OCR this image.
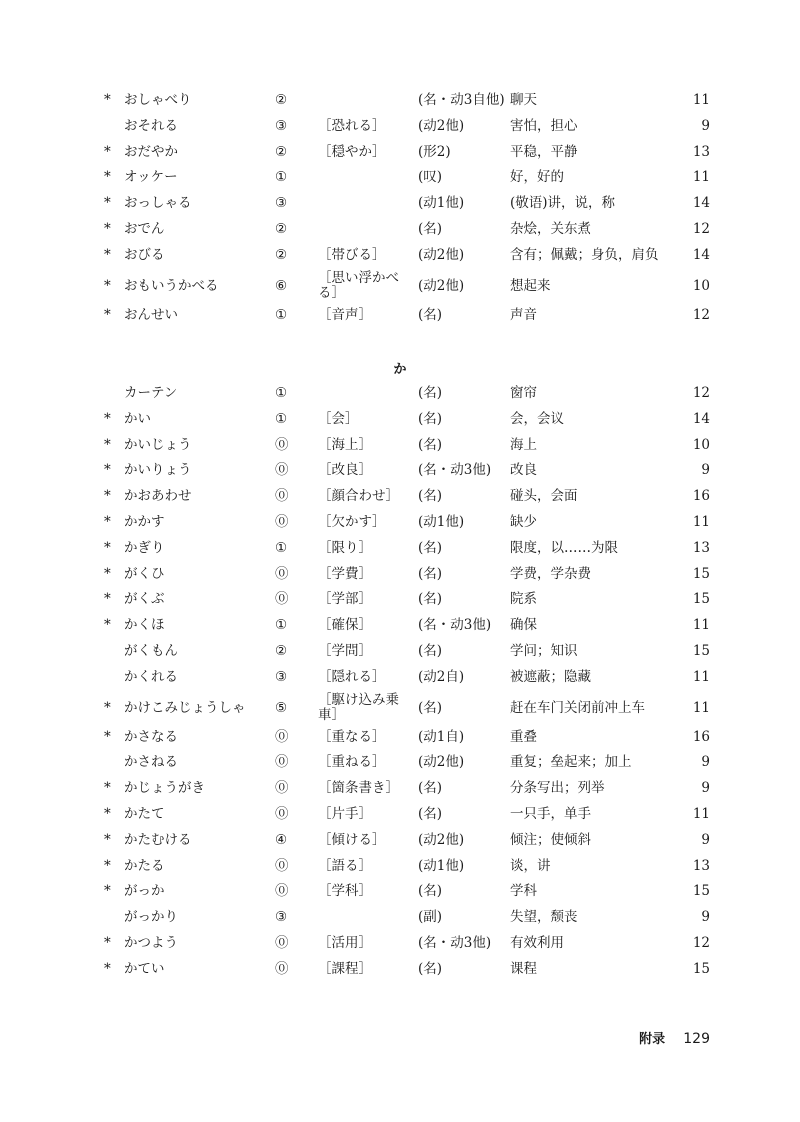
* おしゃべり	②	(名・动3自他) 聊天	11
おそれる	③ ［恐れる］ (动2他)	害怕，担心	9
* おだやか	② ［穏やか］ (形2)	平稳，平静	13
* オッケー	①	(叹)	好，好的	11
* おっしゃる	③	(动1他)	(敬语)讲，说，称	14
* おでん	②	(名)	杂烩，关东煮	12
* おびる	② ［帯びる］ (动2他)	含有；佩戴；身负，肩负	14
* おもいうかべる	⑥ ［思い浮かべる］	(动2他)	想起来	10
* おんせい	① ［音声］	(名)	声音	12
か
カーテン	①	(名)	窗帘	12
* かい	① ［会］	(名)	会，会议	14
* かいじょう	⓪ ［海上］	(名)	海上	10
* かいりょう	⓪ ［改良］	(名・动3他) 改良	9
* かおあわせ	⓪ ［顔合わせ］ (名)	碰头，会面	16
* かかす	⓪ ［欠かす］ (动1他)	缺少	11
* かぎり	① ［限り］	(名)	限度，以……为限	13
* がくひ	⓪ ［学費］	(名)	学费，学杂费	15
* がくぶ	⓪ ［学部］	(名)	院系	15
* かくほ	① ［確保］	(名・动3他) 确保	11
がくもん	② ［学問］	(名)	学问；知识	15
かくれる	③ ［隠れる］ (动2自)	被遮蔽；隐藏	11
* かけこみじょうしゃ ⑤ ［駆け込み乗車］	(名)	赶在车门关闭前冲上车	11
* かさなる	⓪ ［重なる］ (动1自)	重叠	16
かさねる	⓪ ［重ねる］ (动2他)	重复；垒起来；加上	9
* かじょうがき	⓪ ［箇条書き］ (名)	分条写出；列举	9
* かたて	⓪ ［片手］	(名)	一只手，单手	11
* かたむける	④ ［傾ける］ (动2他)	倾注；使倾斜	9
* かたる	⓪ ［語る］	(动1他)	谈，讲	13
* がっか	⓪ ［学科］	(名)	学科	15
がっかり	③	(副)	失望，颓丧	9
* かつよう	⓪ ［活用］	(名・动3他) 有效利用	12
* かてい	⓪ ［課程］	(名)	课程	15
附录 129
